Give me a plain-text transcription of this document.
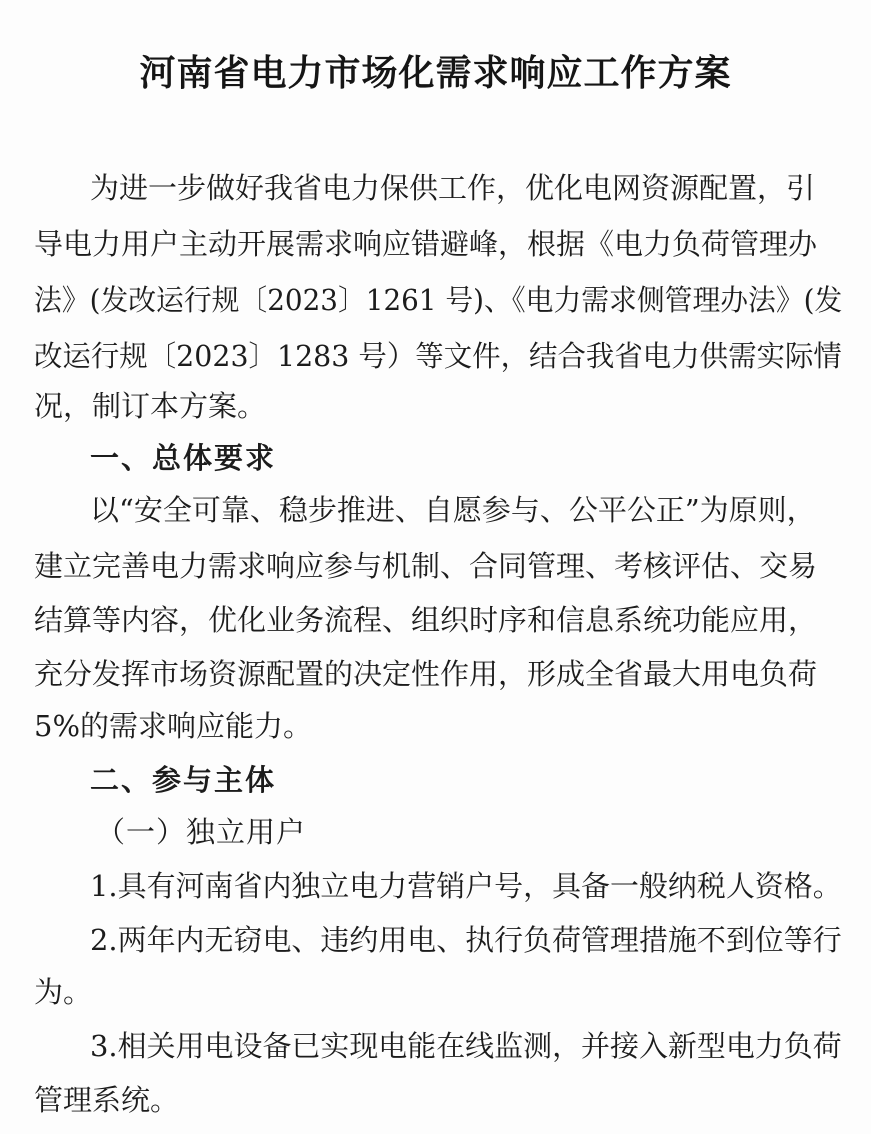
河南省电力市场化需求响应工作方案
为进一步做好我省电力保供工作，优化电网资源配置，引
导电力用户主动开展需求响应错避峰，根据《电力负荷管理办
法》(发改运行规〔2023〕1261 号)、《电力需求侧管理办法》(发
改运行规〔2023〕1283 号）等文件，结合我省电力供需实际情
况，制订本方案。
一、总体要求
以“安全可靠、稳步推进、自愿参与、公平公正”为原则，
建立完善电力需求响应参与机制、合同管理、考核评估、交易
结算等内容，优化业务流程、组织时序和信息系统功能应用，
充分发挥市场资源配置的决定性作用，形成全省最大用电负荷
5%的需求响应能力。
二、参与主体
（一）独立用户
1.具有河南省内独立电力营销户号，具备一般纳税人资格。
2.两年内无窃电、违约用电、执行负荷管理措施不到位等行
为。
3.相关用电设备已实现电能在线监测，并接入新型电力负荷
管理系统。
